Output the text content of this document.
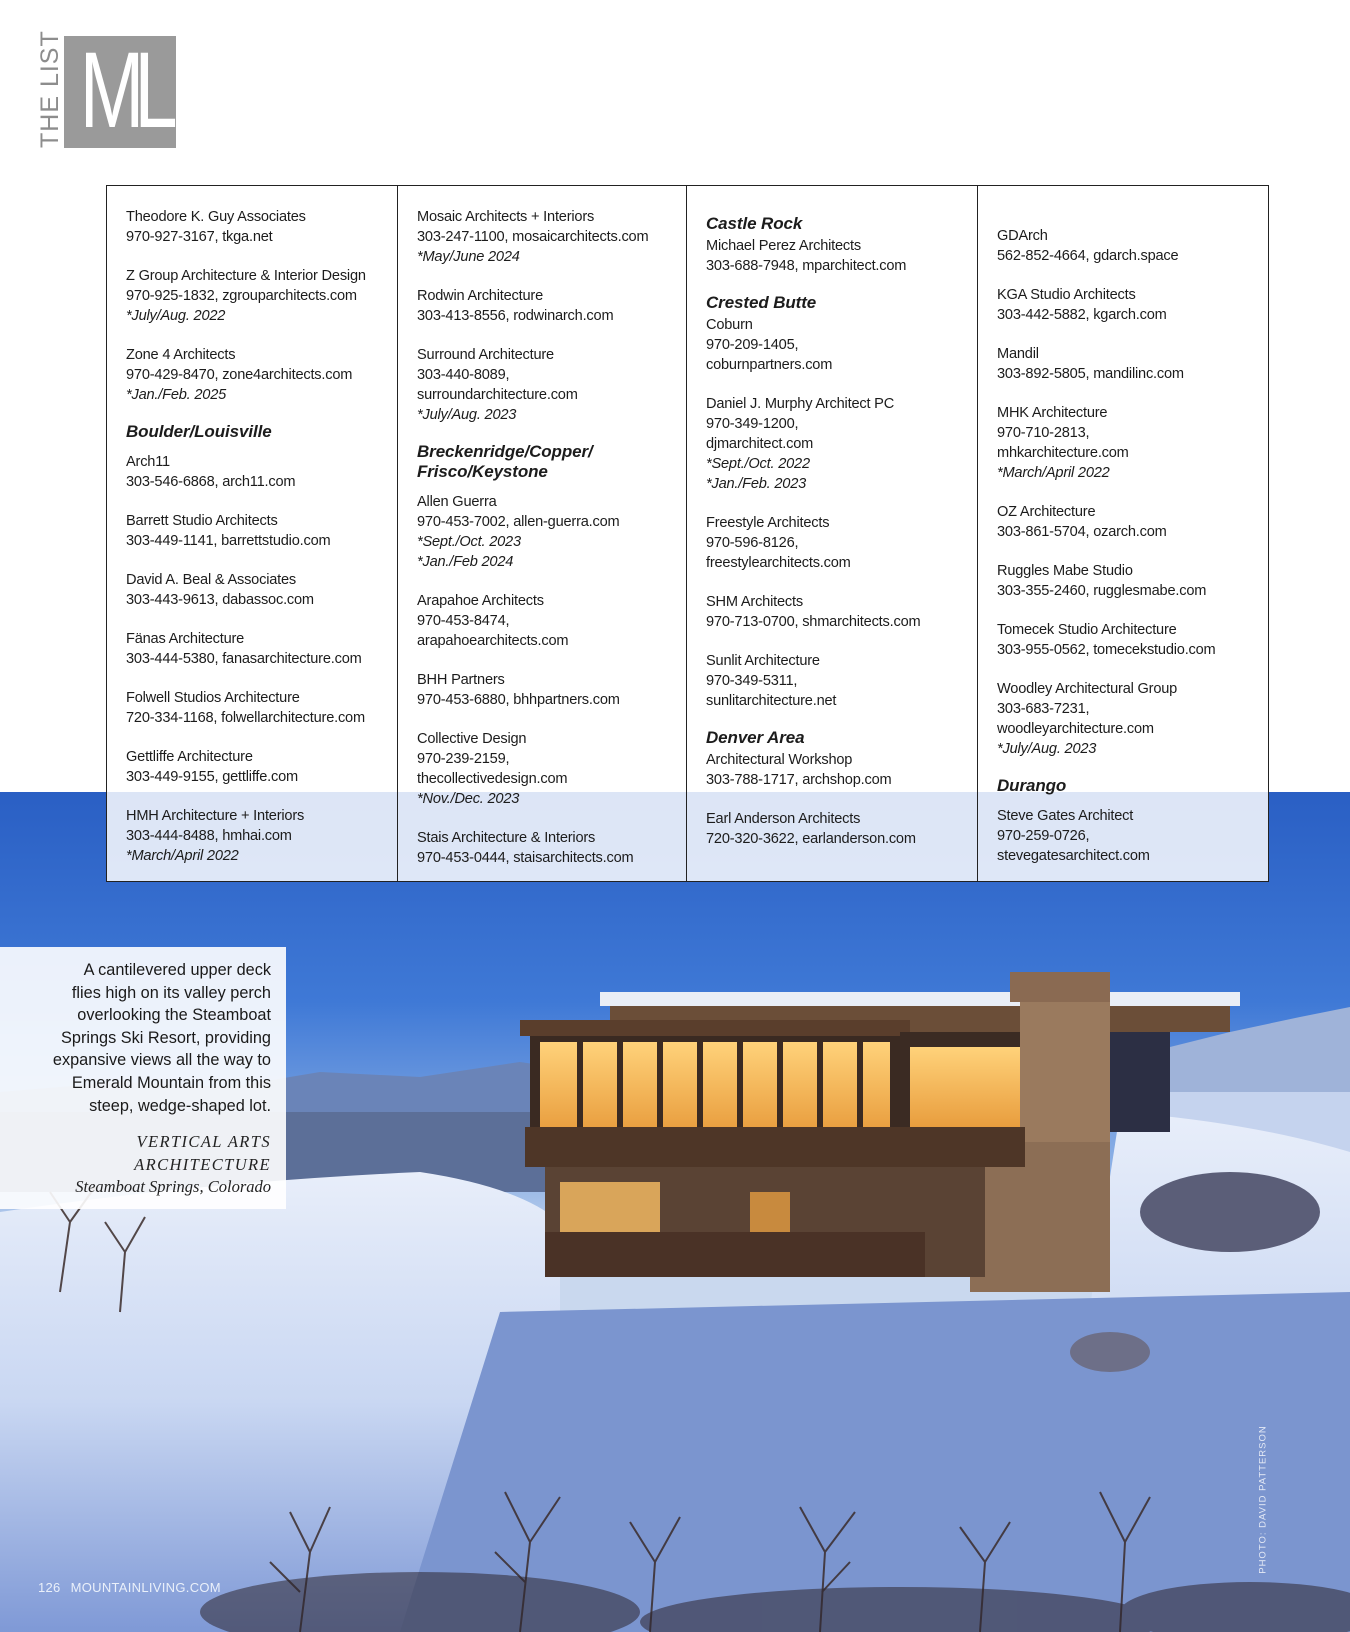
THE LIST ML
Theodore K. Guy Associates
970-927-3167, tkga.net
Z Group Architecture & Interior Design
970-925-1832, zgrouparchitects.com
*July/Aug. 2022
Zone 4 Architects
970-429-8470, zone4architects.com
*Jan./Feb. 2025
Boulder/Louisville
Arch11
303-546-6868, arch11.com
Barrett Studio Architects
303-449-1141, barrettstudio.com
David A. Beal & Associates
303-443-9613, dabassoc.com
Fänas Architecture
303-444-5380, fanasarchitecture.com
Folwell Studios Architecture
720-334-1168, folwellarchitecture.com
Gettliffe Architecture
303-449-9155, gettliffe.com
HMH Architecture + Interiors
303-444-8488, hmhai.com
*March/April 2022
Mosaic Architects + Interiors
303-247-1100, mosaicarchitects.com
*May/June 2024
Rodwin Architecture
303-413-8556, rodwinarch.com
Surround Architecture
303-440-8089,
surroundarchitecture.com
*July/Aug. 2023
Breckenridge/Copper/
Frisco/Keystone
Allen Guerra
970-453-7002, allen-guerra.com
*Sept./Oct. 2023
*Jan./Feb 2024
Arapahoe Architects
970-453-8474,
arapahoearchitects.com
BHH Partners
970-453-6880, bhhpartners.com
Collective Design
970-239-2159,
thecollectivedesign.com
*Nov./Dec. 2023
Stais Architecture & Interiors
970-453-0444, staisarchitects.com
Castle Rock
Michael Perez Architects
303-688-7948, mparchitect.com
Crested Butte
Coburn
970-209-1405,
coburnpartners.com
Daniel J. Murphy Architect PC
970-349-1200,
djmarchitect.com
*Sept./Oct. 2022
*Jan./Feb. 2023
Freestyle Architects
970-596-8126,
freestylearchitects.com
SHM Architects
970-713-0700, shmarchitects.com
Sunlit Architecture
970-349-5311,
sunlitarchitecture.net
Denver Area
Architectural Workshop
303-788-1717, archshop.com
Earl Anderson Architects
720-320-3622, earlanderson.com
GDArch
562-852-4664, gdarch.space
KGA Studio Architects
303-442-5882, kgarch.com
Mandil
303-892-5805, mandilinc.com
MHK Architecture
970-710-2813,
mhkarchitecture.com
*March/April 2022
OZ Architecture
303-861-5704, ozarch.com
Ruggles Mabe Studio
303-355-2460, rugglesmabe.com
Tomecek Studio Architecture
303-955-0562, tomecekstudio.com
Woodley Architectural Group
303-683-7231,
woodleyarchitecture.com
*July/Aug. 2023
Durango
Steve Gates Architect
970-259-0726,
stevegatesarchitect.com
A cantilevered upper deck
flies high on its valley perch
overlooking the Steamboat
Springs Ski Resort, providing
expansive views all the way to
Emerald Mountain from this
steep, wedge-shaped lot.
VERTICAL ARTS
ARCHITECTURE
Steamboat Springs, Colorado
126 MOUNTAINLIVING.COM
PHOTO: DAVID PATTERSON
